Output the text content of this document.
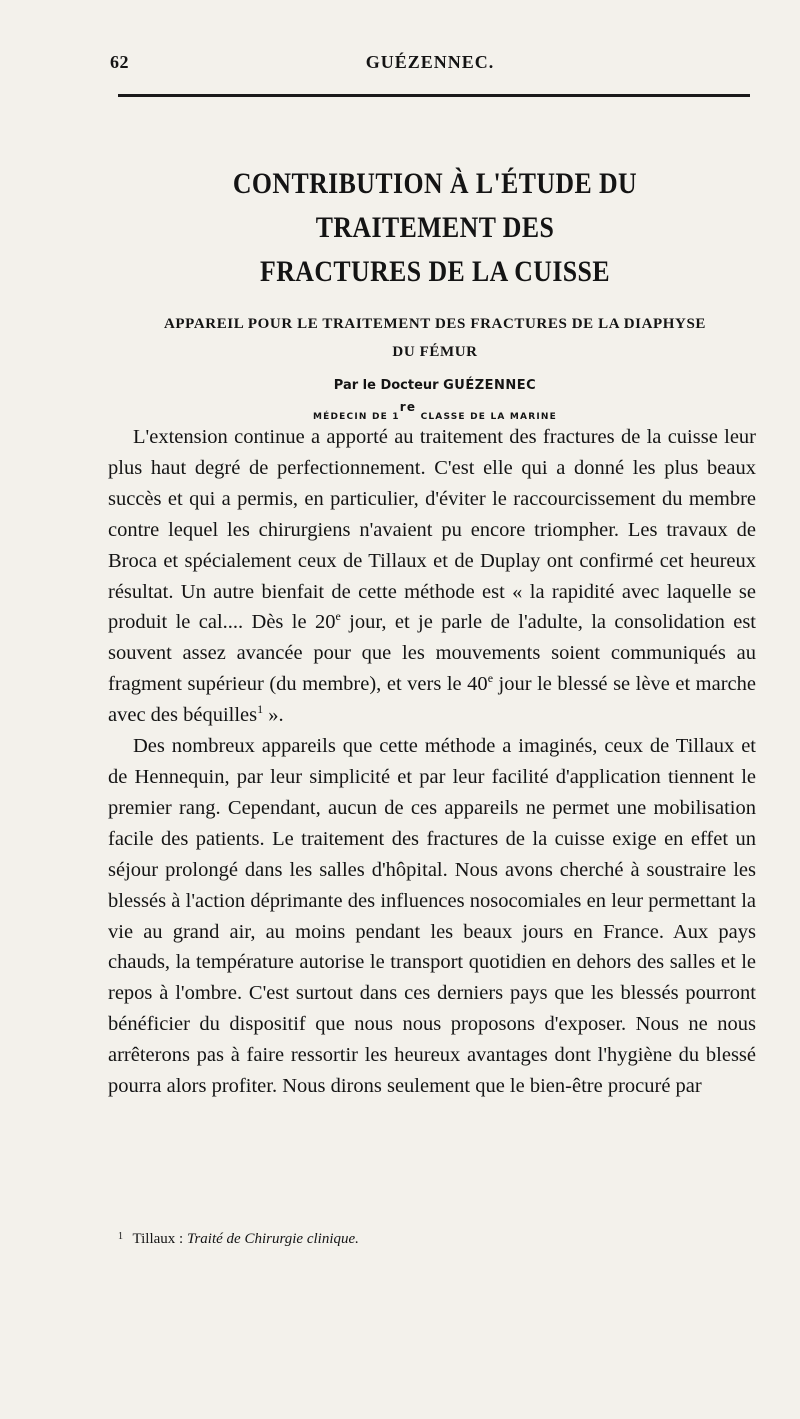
62	GUÉZENNEC.
CONTRIBUTION À L'ÉTUDE DU TRAITEMENT DES
FRACTURES DE LA CUISSE
APPAREIL POUR LE TRAITEMENT DES FRACTURES DE LA DIAPHYSE
DU FÉMUR
Par le Docteur GUÉZENNEC
MÉDECIN DE 1re CLASSE DE LA MARINE

L'extension continue a apporté au traitement des fractures de la cuisse leur plus haut degré de perfectionnement. C'est elle qui a donné les plus beaux succès et qui a permis, en particulier, d'éviter le raccourcissement du membre contre lequel les chirurgiens n'avaient pu encore triompher. Les travaux de Broca et spécialement ceux de Tillaux et de Duplay ont confirmé cet heureux résultat. Un autre bienfait de cette méthode est « la rapidité avec laquelle se produit le cal.... Dès le 20e jour, et je parle de l'adulte, la consolidation est souvent assez avancée pour que les mouvements soient communiqués au fragment supérieur (du membre), et vers le 40e jour le blessé se lève et marche avec des béquilles$^1$ ».

Des nombreux appareils que cette méthode a imaginés, ceux de Tillaux et de Hennequin, par leur simplicité et par leur facilité d'application tiennent le premier rang. Cependant, aucun de ces appareils ne permet une mobilisation facile des patients. Le traitement des fractures de la cuisse exige en effet un séjour prolongé dans les salles d'hôpital. Nous avons cherché à soustraire les blessés à l'action déprimante des influences nosocomiales en leur permettant la vie au grand air, au moins pendant les beaux jours en France. Aux pays chauds, la température autorise le transport quotidien en dehors des salles et le repos à l'ombre. C'est surtout dans ces derniers pays que les blessés pourront bénéficier du dispositif que nous nous proposons d'exposer. Nous ne nous arrêterons pas à faire ressortir les heureux avantages dont l'hygiène du blessé pourra alors profiter. Nous dirons seulement que le bien-être procuré par

$^1$ Tillaux : Traité de Chirurgie clinique.
